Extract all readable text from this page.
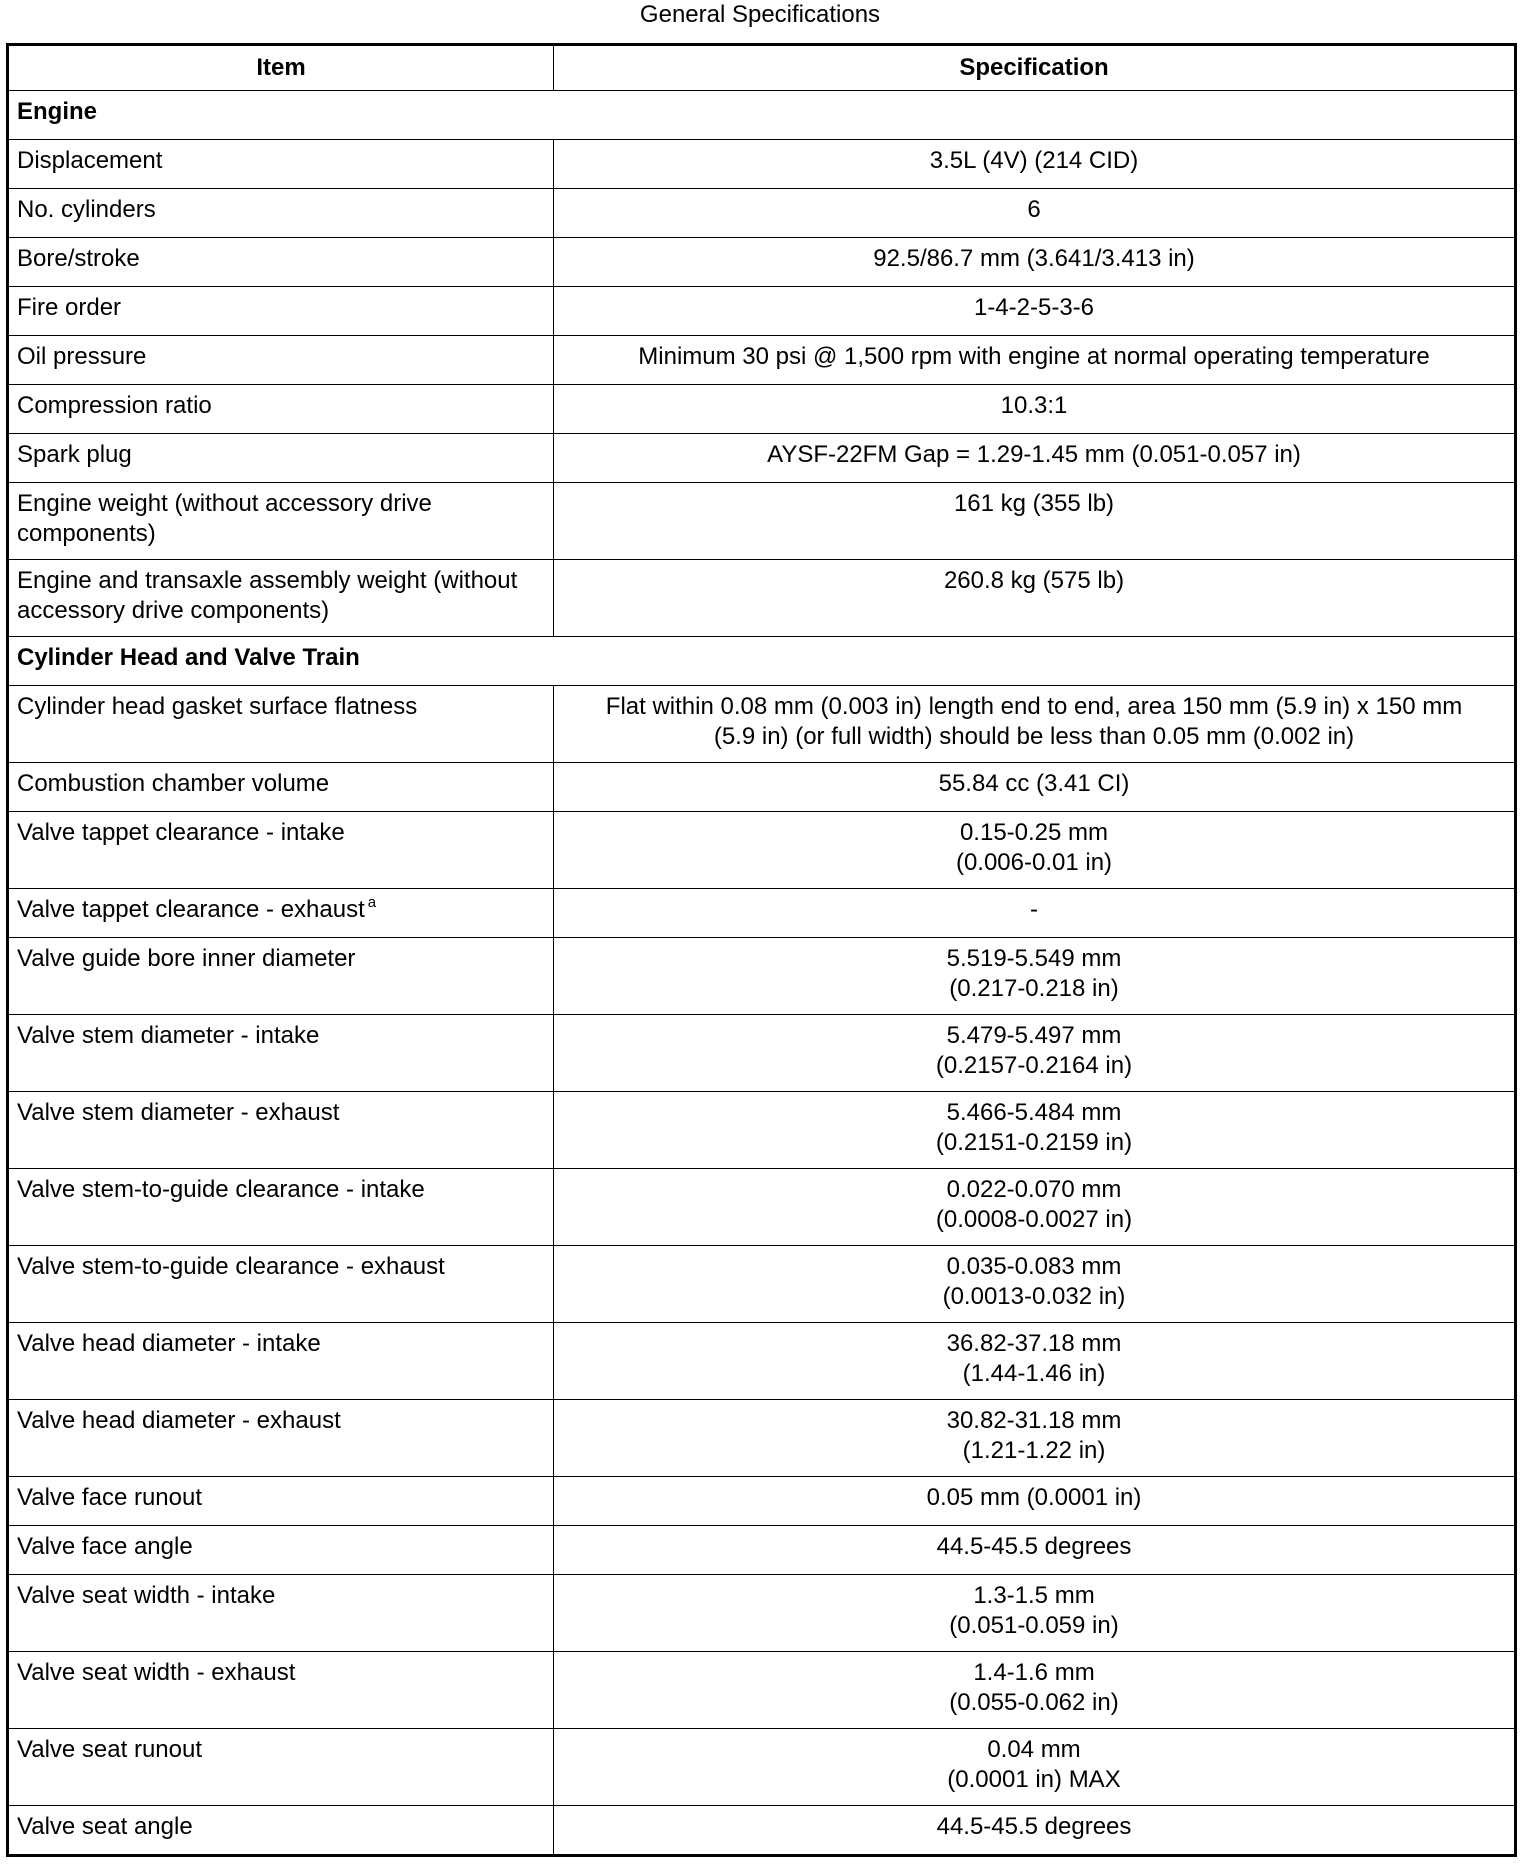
General Specifications
Item	Specification
Engine	

Displacement	3.5L (4V) (214 CID)

No. cylinders	6

Bore/stroke	92.5/86.7 mm (3.641/3.413 in)

Fire order	1-4-2-5-3-6

Oil pressure	Minimum 30 psi @ 1,500 rpm with engine at normal operating temperature

Compression ratio	10.3:1

Spark plug	AYSF-22FM Gap = 1.29-1.45 mm (0.051-0.057 in)

Engine weight (without accessory drive
components)	161 kg (355 lb)

Engine and transaxle assembly weight (without
accessory drive components)	260.8 kg (575 lb)

Cylinder Head and Valve Train	

Cylinder head gasket surface flatness	Flat within 0.08 mm (0.003 in) length end to end, area 150 mm (5.9 in) x 150 mm
(5.9 in) (or full width) should be less than 0.05 mm (0.002 in)

Combustion chamber volume	55.84 cc (3.41 CI)

Valve tappet clearance - intake	0.15-0.25 mm
(0.006-0.01 in)

Valve tappet clearance - exhaust $^a$	-

Valve guide bore inner diameter	5.519-5.549 mm
(0.217-0.218 in)

Valve stem diameter - intake	5.479-5.497 mm
(0.2157-0.2164 in)

Valve stem diameter - exhaust	5.466-5.484 mm
(0.2151-0.2159 in)

Valve stem-to-guide clearance - intake	0.022-0.070 mm
(0.0008-0.0027 in)

Valve stem-to-guide clearance - exhaust	0.035-0.083 mm
(0.0013-0.032 in)

Valve head diameter - intake	36.82-37.18 mm
(1.44-1.46 in)

Valve head diameter - exhaust	30.82-31.18 mm
(1.21-1.22 in)

Valve face runout	0.05 mm (0.0001 in)

Valve face angle	44.5-45.5 degrees

Valve seat width - intake	1.3-1.5 mm
(0.051-0.059 in)

Valve seat width - exhaust	1.4-1.6 mm
(0.055-0.062 in)

Valve seat runout	0.04 mm
(0.0001 in) MAX

Valve seat angle	44.5-45.5 degrees
